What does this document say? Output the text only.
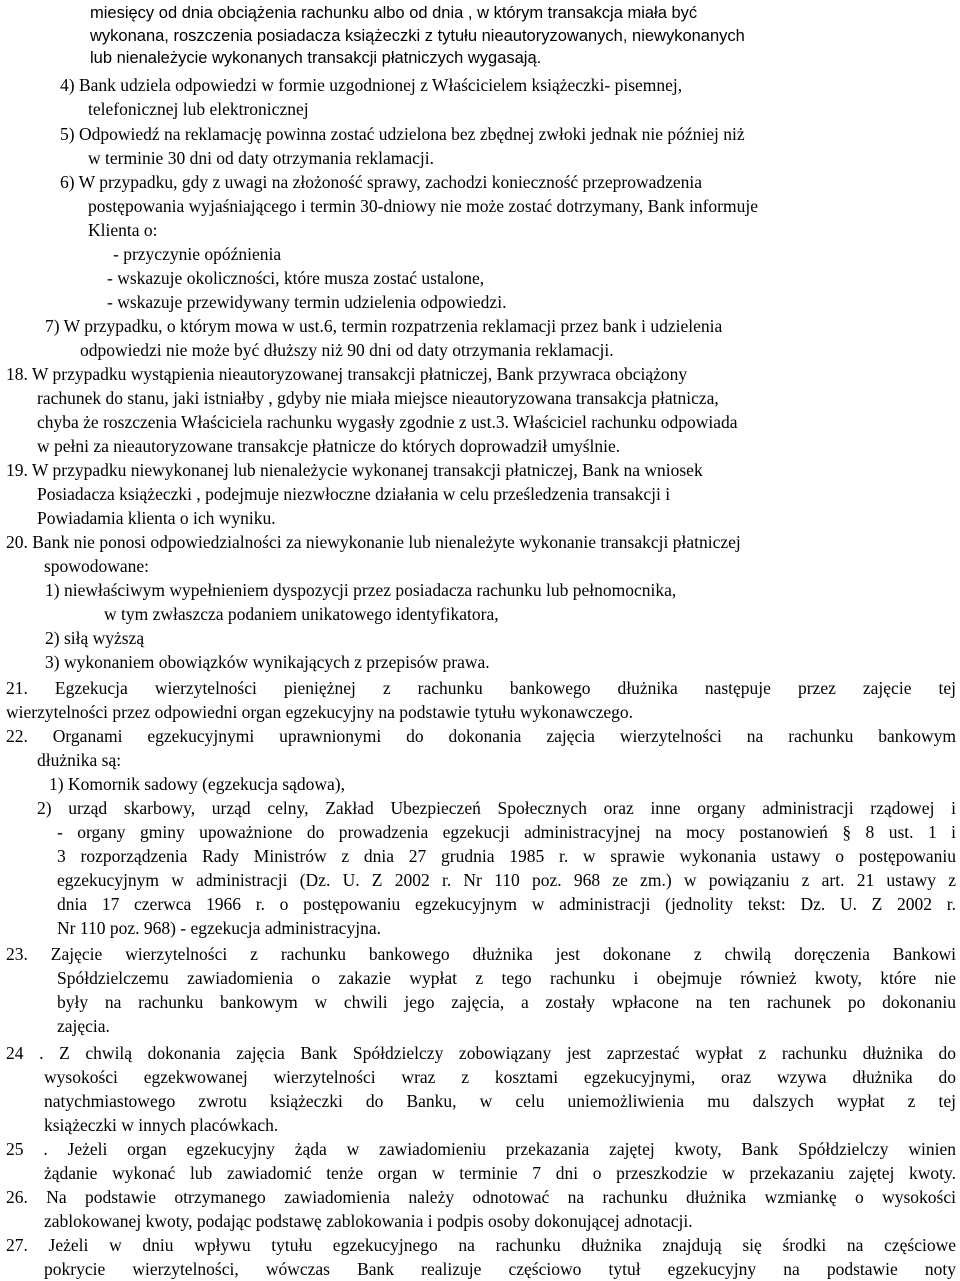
miesięcy od dnia obciążenia rachunku albo od dnia , w którym transakcja miała być
wykonana, roszczenia posiadacza książeczki z tytułu nieautoryzowanych, niewykonanych
lub nienależycie wykonanych transakcji płatniczych wygasają.
4) Bank udziela odpowiedzi w formie uzgodnionej z Właścicielem książeczki- pisemnej,
telefonicznej lub elektronicznej
5) Odpowiedź na reklamację powinna zostać udzielona bez zbędnej zwłoki jednak nie później niż
w terminie 30 dni od daty otrzymania reklamacji.
6) W przypadku, gdy z uwagi na złożoność sprawy, zachodzi konieczność przeprowadzenia
postępowania wyjaśniającego i termin 30-dniowy nie może zostać dotrzymany, Bank informuje
Klienta o:
- przyczynie opóźnienia
- wskazuje okoliczności, które musza zostać ustalone,
- wskazuje przewidywany termin udzielenia odpowiedzi.
7) W przypadku, o którym mowa w ust.6, termin rozpatrzenia reklamacji przez bank i udzielenia
odpowiedzi nie może być dłuższy niż 90 dni od daty otrzymania reklamacji.
18. W przypadku wystąpienia nieautoryzowanej transakcji płatniczej, Bank przywraca obciążony
rachunek do stanu, jaki istniałby , gdyby nie miała miejsce nieautoryzowana transakcja płatnicza,
chyba że roszczenia Właściciela rachunku wygasły zgodnie z ust.3. Właściciel rachunku odpowiada
w pełni za nieautoryzowane transakcje płatnicze do których doprowadził umyślnie.
19. W przypadku niewykonanej lub nienależycie wykonanej transakcji płatniczej, Bank na wniosek
Posiadacza książeczki , podejmuje niezwłoczne działania w celu prześledzenia transakcji i
Powiadamia klienta o ich wyniku.
20. Bank nie ponosi odpowiedzialności za niewykonanie lub nienależyte wykonanie transakcji płatniczej
spowodowane:
1) niewłaściwym wypełnieniem dyspozycji przez posiadacza rachunku lub pełnomocnika,
w tym zwłaszcza podaniem unikatowego identyfikatora,
2) siłą wyższą
3) wykonaniem obowiązków wynikających z przepisów prawa.
21. Egzekucja wierzytelności pieniężnej z rachunku bankowego dłużnika następuje przez zajęcie tej
wierzytelności przez odpowiedni organ egzekucyjny na podstawie tytułu wykonawczego.
22. Organami egzekucyjnymi uprawnionymi do dokonania zajęcia wierzytelności na rachunku bankowym
dłużnika są:
1) Komornik sadowy (egzekucja sądowa),
2) urząd skarbowy, urząd celny, Zakład Ubezpieczeń Społecznych oraz inne organy administracji rządowej i
- organy gminy upoważnione do prowadzenia egzekucji administracyjnej na mocy postanowień § 8 ust. 1 i
3 rozporządzenia Rady Ministrów z dnia 27 grudnia 1985 r. w sprawie wykonania ustawy o postępowaniu
egzekucyjnym w administracji (Dz. U. Z 2002 r. Nr 110 poz. 968 ze zm.) w powiązaniu z art. 21 ustawy z
dnia 17 czerwca 1966 r. o postępowaniu egzekucyjnym w administracji (jednolity tekst: Dz. U. Z 2002 r.
Nr 110 poz. 968) - egzekucja administracyjna.
23. Zajęcie wierzytelności z rachunku bankowego dłużnika jest dokonane z chwilą doręczenia Bankowi
Spółdzielczemu zawiadomienia o zakazie wypłat z tego rachunku i obejmuje również kwoty, które nie
były na rachunku bankowym w chwili jego zajęcia, a zostały wpłacone na ten rachunek po dokonaniu
zajęcia.
24 . Z chwilą dokonania zajęcia Bank Spółdzielczy zobowiązany jest zaprzestać wypłat z rachunku dłużnika do
wysokości egzekwowanej wierzytelności wraz z kosztami egzekucyjnymi, oraz wzywa dłużnika do
natychmiastowego zwrotu książeczki do Banku, w celu uniemożliwienia mu dalszych wypłat z tej
książeczki w innych placówkach.
25 . Jeżeli organ egzekucyjny żąda w zawiadomieniu przekazania zajętej kwoty, Bank Spółdzielczy winien
żądanie wykonać lub zawiadomić tenże organ w terminie 7 dni o przeszkodzie w przekazaniu zajętej kwoty.
26. Na podstawie otrzymanego zawiadomienia należy odnotować na rachunku dłużnika wzmiankę o wysokości
zablokowanej kwoty, podając podstawę zablokowania i podpis osoby dokonującej adnotacji.
27. Jeżeli w dniu wpływu tytułu egzekucyjnego na rachunku dłużnika znajdują się środki na częściowe
pokrycie wierzytelności, wówczas Bank realizuje częściowo tytuł egzekucyjny na podstawie noty
